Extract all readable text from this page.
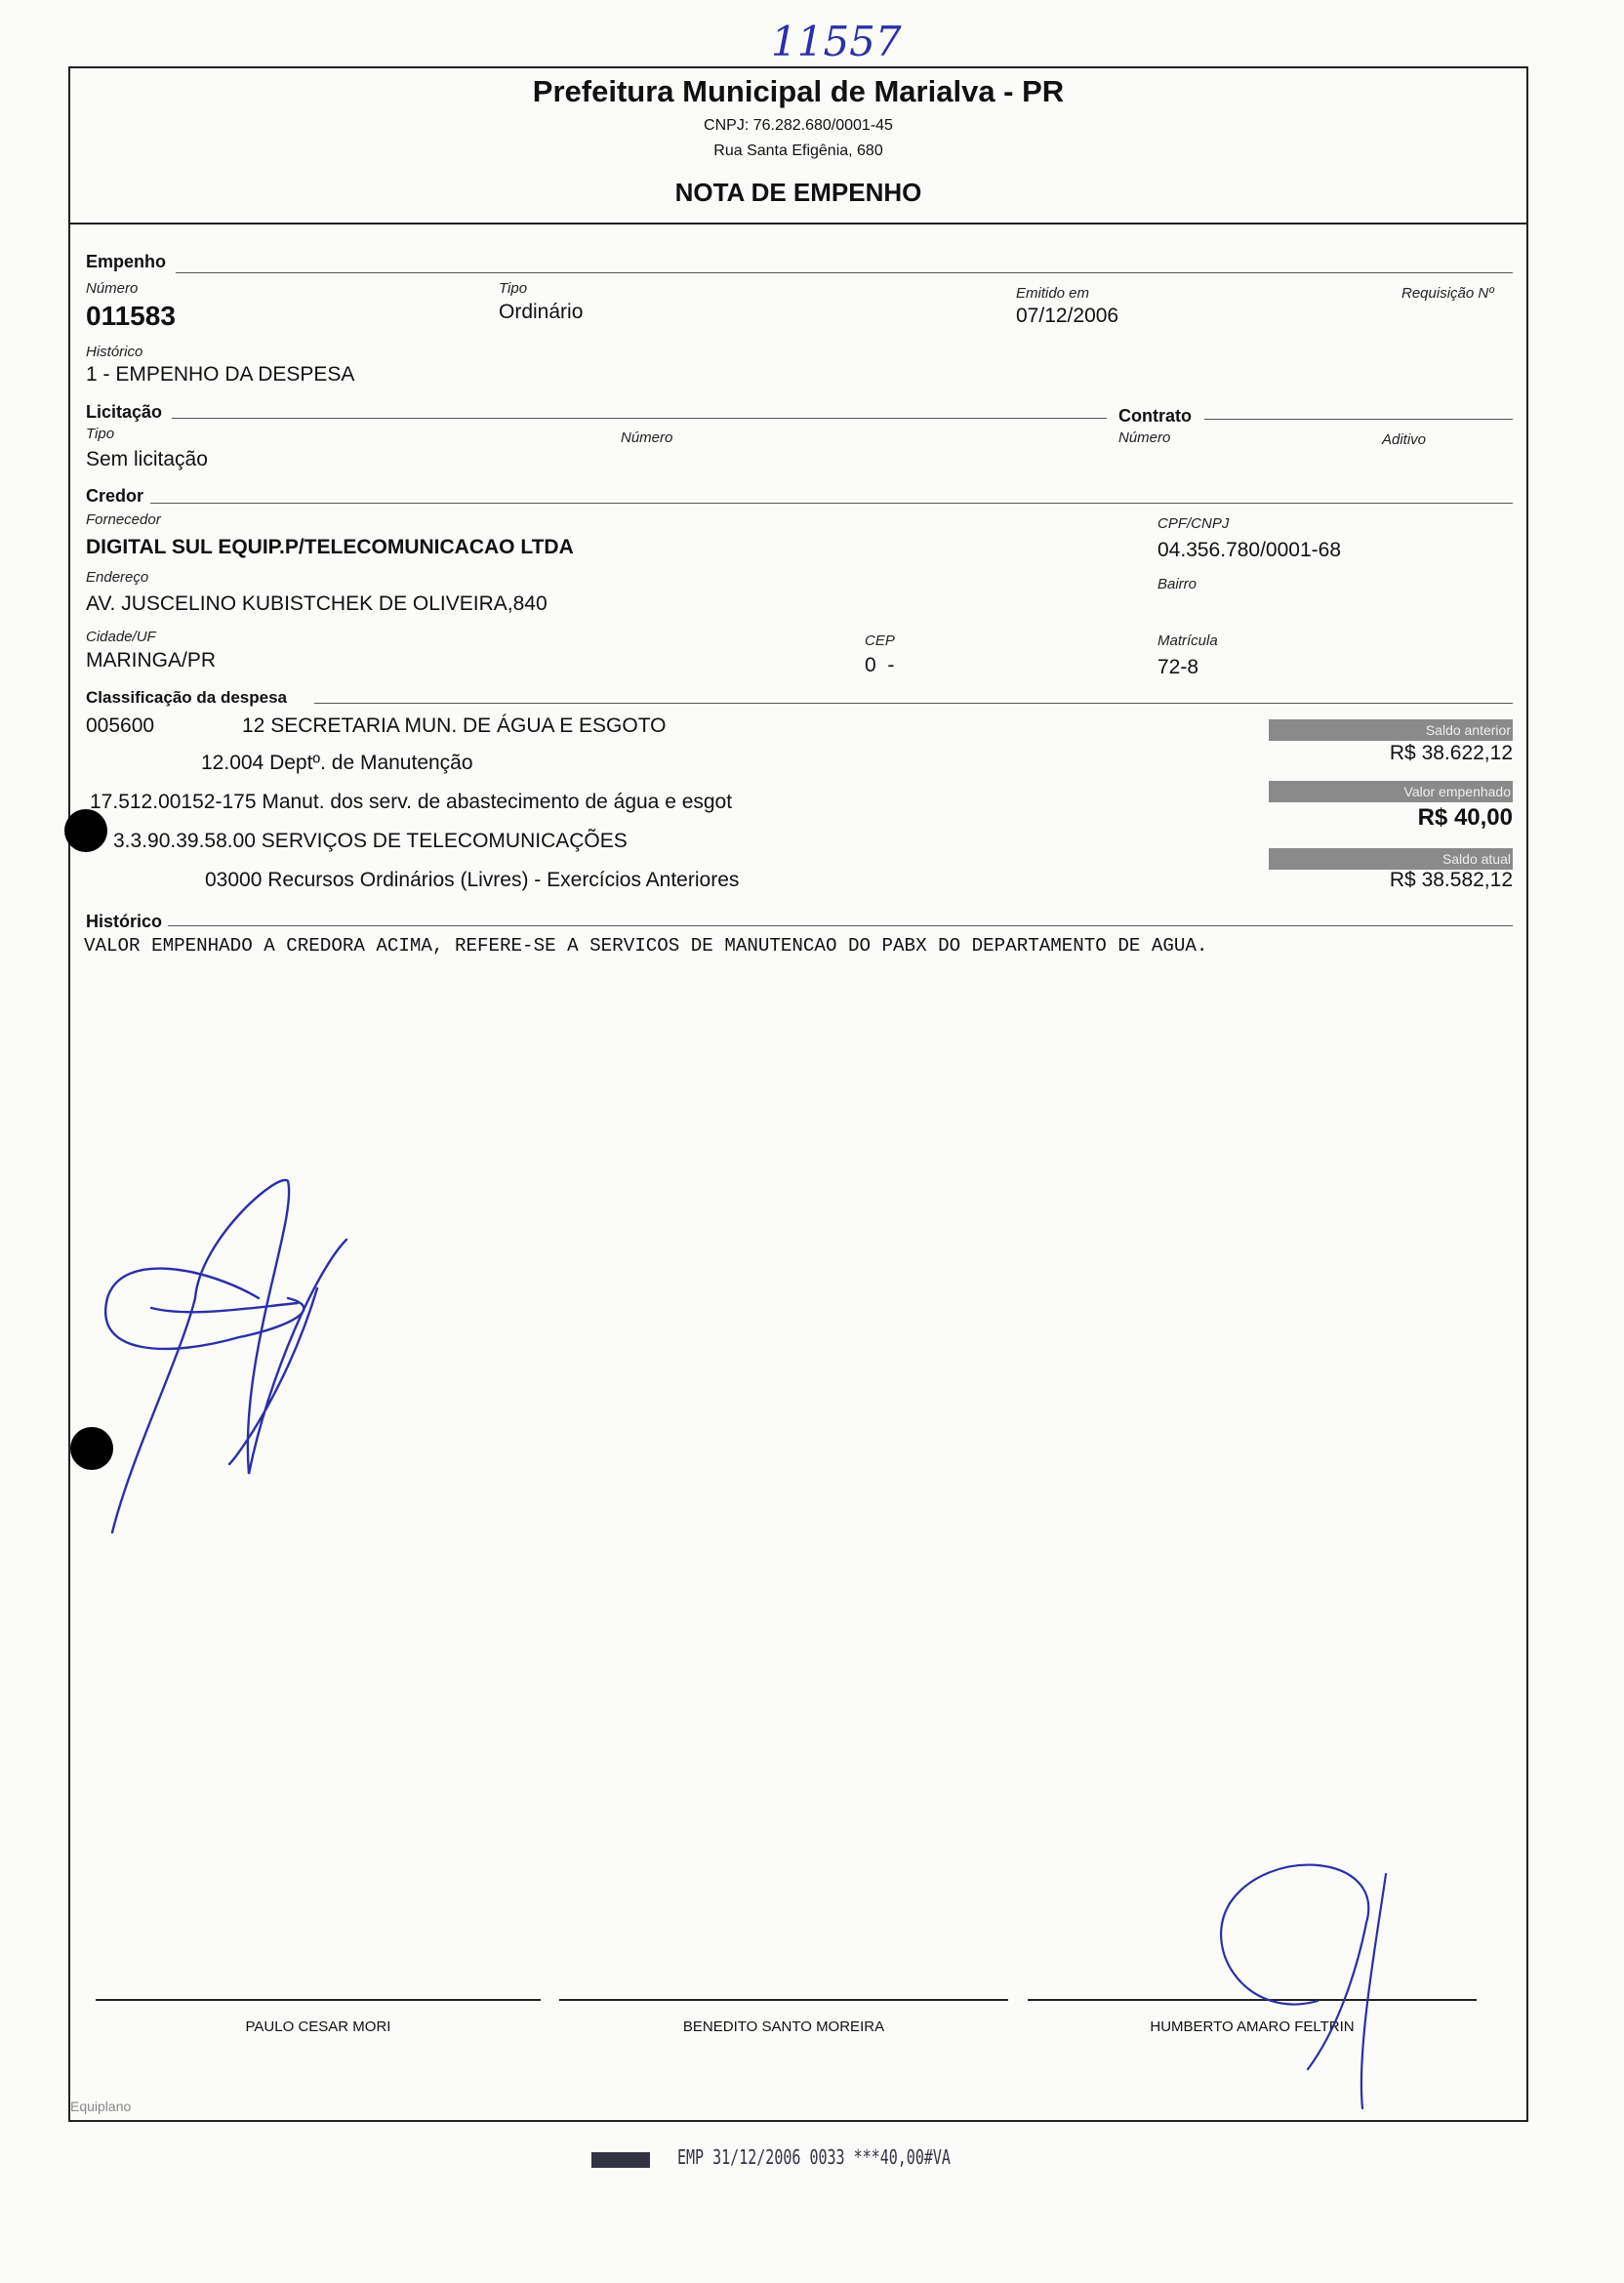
11557
Prefeitura Municipal de Marialva - PR
CNPJ: 76.282.680/0001-45
Rua Santa Efigênia, 680
NOTA DE EMPENHO
Empenho
Número
011583
Tipo
Ordinário
Emitido em
07/12/2006
Requisição Nº
Histórico
1 - EMPENHO DA DESPESA
Licitação	Contrato
Tipo
Sem licitação
Número	Número	Aditivo
Credor
Fornecedor
DIGITAL SUL EQUIP.P/TELECOMUNICACAO LTDA
CPF/CNPJ
04.356.780/0001-68
Endereço
AV. JUSCELINO KUBISTCHEK DE OLIVEIRA,840
Bairro
Cidade/UF
MARINGA/PR
CEP
0  -
Matrícula
72-8
Classificação da despesa
005600	12 SECRETARIA MUN. DE ÁGUA E ESGOTO
12.004 Deptº. de Manutenção
17.512.00152-175 Manut. dos serv. de abastecimento de água e esgot
3.3.90.39.58.00 SERVIÇOS DE TELECOMUNICAÇÕES
03000 Recursos Ordinários (Livres) - Exercícios Anteriores
Saldo anterior
R$ 38.622,12
Valor empenhado
R$ 40,00
Saldo atual
R$ 38.582,12
Histórico
VALOR EMPENHADO A CREDORA ACIMA, REFERE-SE A SERVICOS DE MANUTENCAO DO PABX DO DEPARTAMENTO DE AGUA.
PAULO CESAR MORI	BENEDITO SANTO MOREIRA	HUMBERTO AMARO FELTRIN
Equiplano
EMP 31/12/2006 0033 ***40,00#VA
